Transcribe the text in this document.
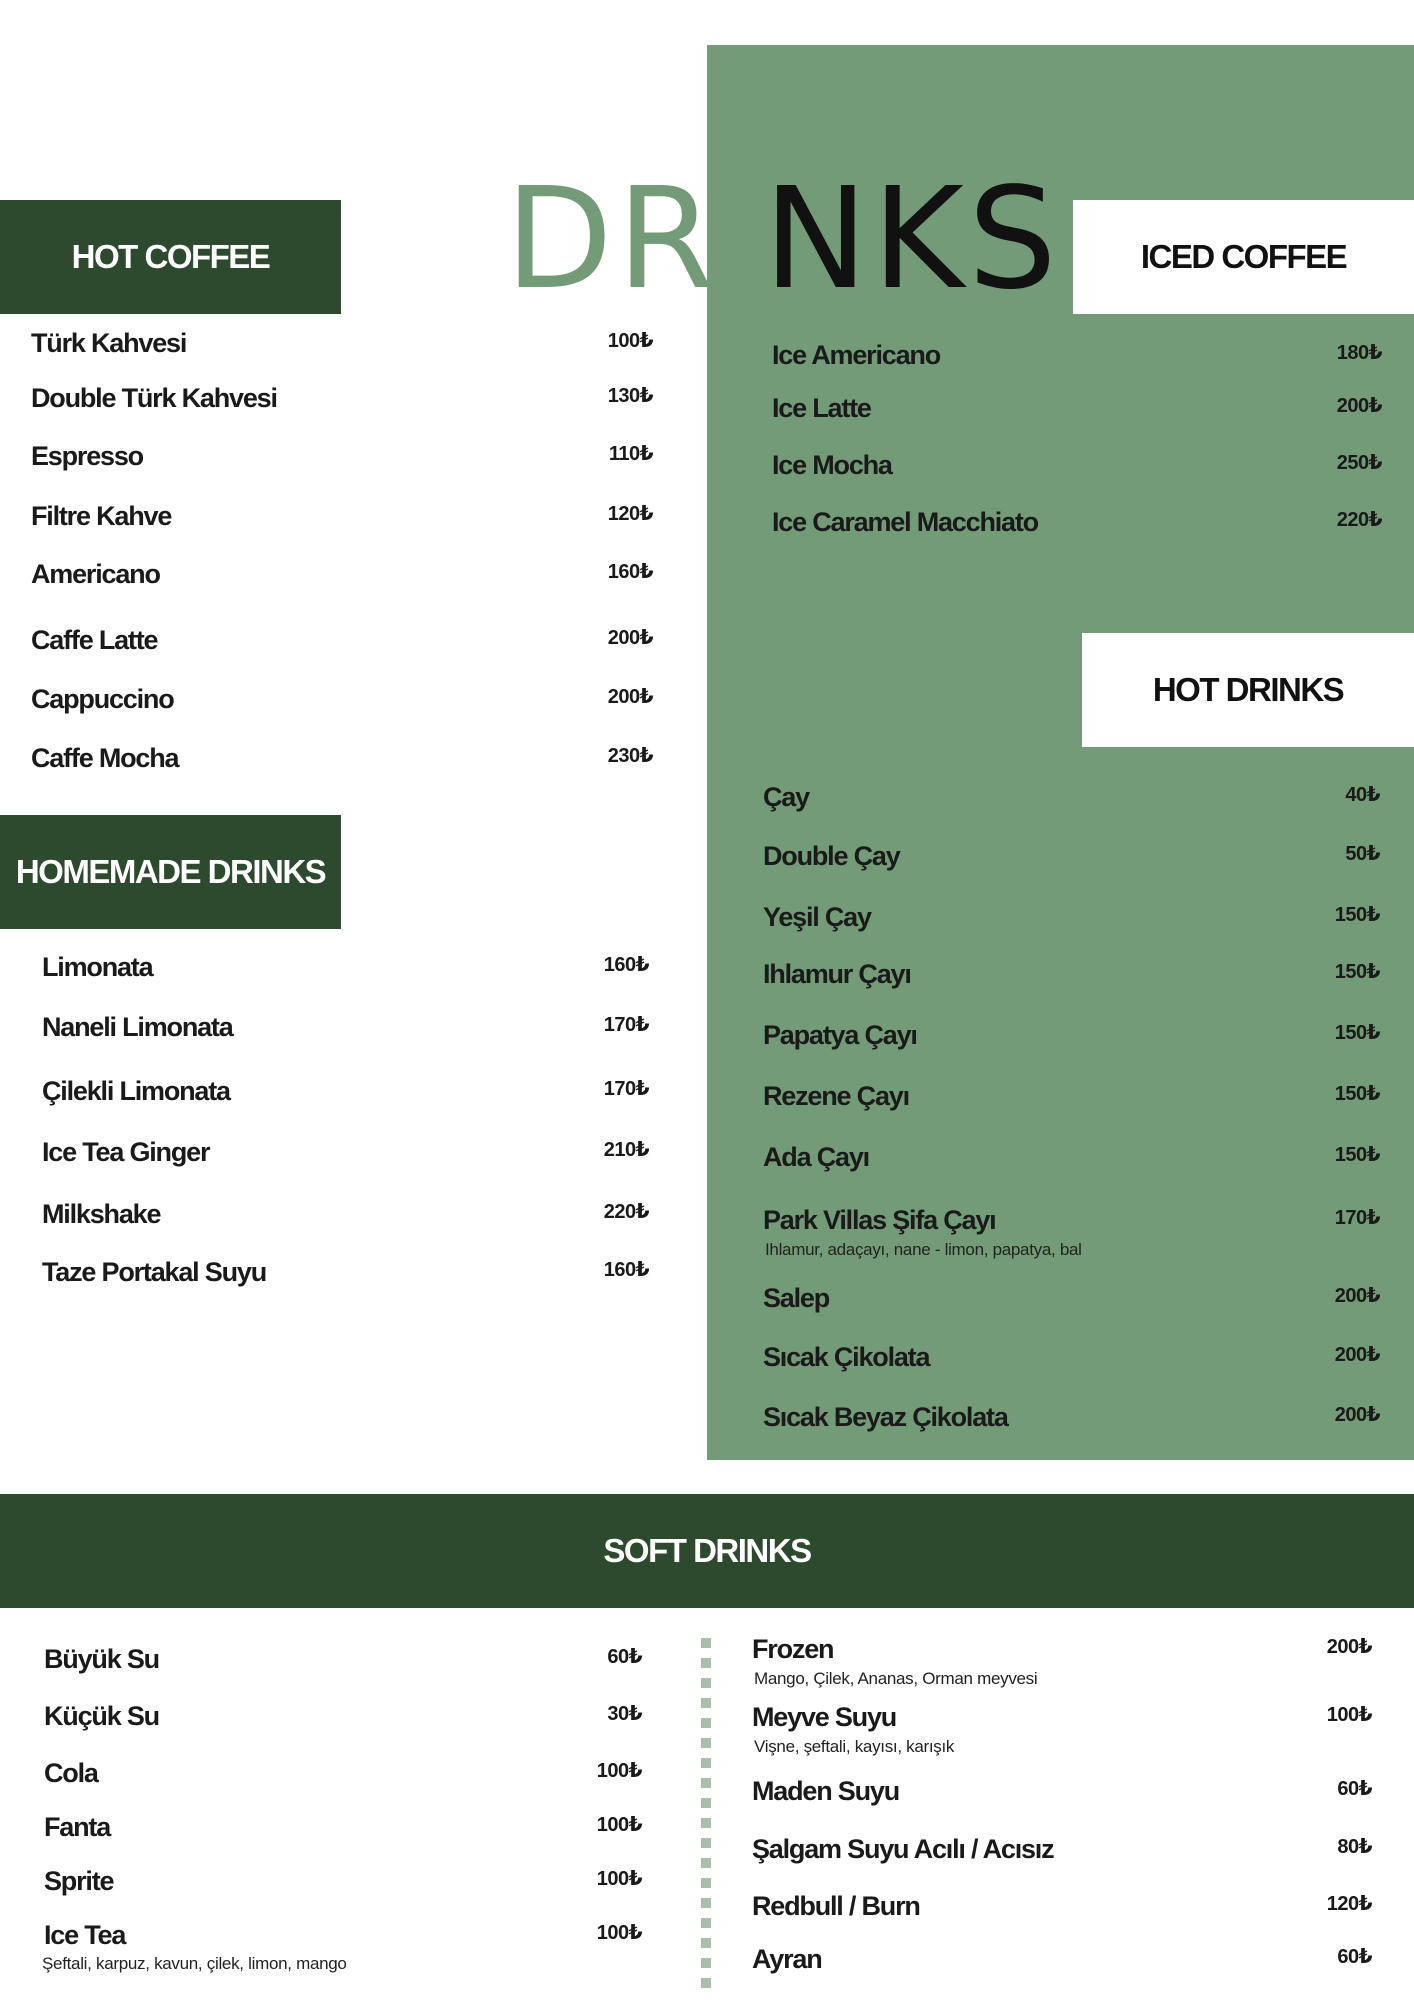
DRINKS
HOT COFFEE
Türk Kahvesi	100₺
Double Türk Kahvesi	130₺
Espresso	110₺
Filtre Kahve	120₺
Americano	160₺
Caffe Latte	200₺
Cappuccino	200₺
Caffe Mocha	230₺
HOMEMADE DRINKS
Limonata	160₺
Naneli Limonata	170₺
Çilekli Limonata	170₺
Ice Tea Ginger	210₺
Milkshake	220₺
Taze Portakal Suyu	160₺
ICED COFFEE
Ice Americano	180₺
Ice Latte	200₺
Ice Mocha	250₺
Ice Caramel Macchiato	220₺
HOT DRINKS
Çay	40₺
Double Çay	50₺
Yeşil Çay	150₺
Ihlamur Çayı	150₺
Papatya Çayı	150₺
Rezene Çayı	150₺
Ada Çayı	150₺
Park Villas Şifa Çayı	170₺
Ihlamur, adaçayı, nane - limon, papatya, bal
Salep	200₺
Sıcak Çikolata	200₺
Sıcak Beyaz Çikolata	200₺
SOFT DRINKS
Büyük Su	60₺
Küçük Su	30₺
Cola	100₺
Fanta	100₺
Sprite	100₺
Ice Tea	100₺
Şeftali, karpuz, kavun, çilek, limon, mango
Frozen	200₺
Mango, Çilek, Ananas, Orman meyvesi
Meyve Suyu	100₺
Vişne, şeftali, kayısı, karışık
Maden Suyu	60₺
Şalgam Suyu Acılı / Acısız	80₺
Redbull / Burn	120₺
Ayran	60₺
